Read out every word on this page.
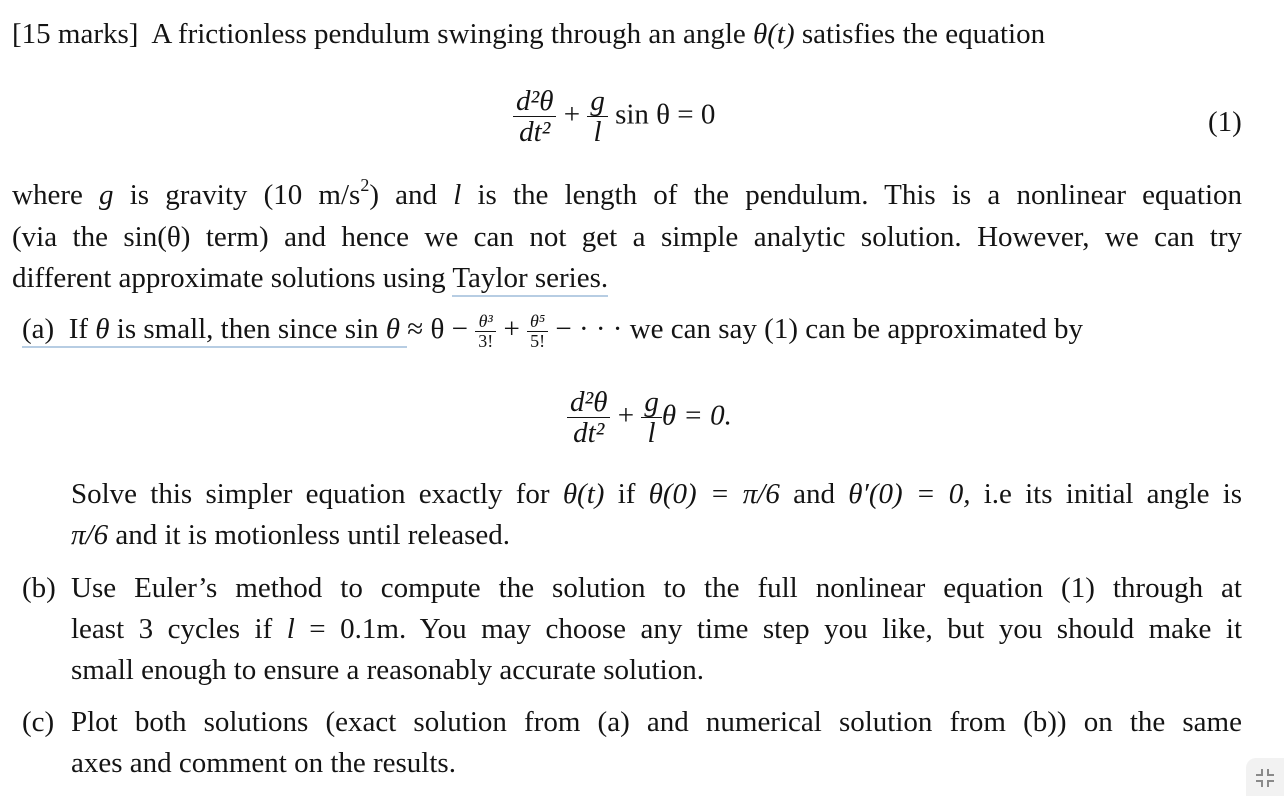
[15 marks] A frictionless pendulum swinging through an angle θ(t) satisfies the equation
$\frac{\text{d²θ}}{\text{dt²}} + \frac{g}{l}$ sin θ = 0	(1)
where g is gravity (10 $m/s^2$) and l is the length of the pendulum. This is a nonlinear equation
(via the sin(θ) term) and hence we can not get a simple analytic solution. However, we can try
different approximate solutions using Taylor series.
(a) If θ is small, then since $\sin \theta \approx \theta - \frac{\text{θ³}}{3!} + \frac{\text{θ⁵}}{5!}$ − · · · we can say (1) can be approximated by
$\frac{\text{d²θ}}{\text{dt²}} + \frac{g}{l}$ θ = 0.
Solve this simpler equation exactly for θ(t) if θ(0) = π/6 and θ′(0) = 0, i.e its initial angle is
π/6 and it is motionless until released.
(b) Use Euler’s method to compute the solution to the full nonlinear equation (1) through at
least 3 cycles if l = 0.1m. You may choose any time step you like, but you should make it
small enough to ensure a reasonably accurate solution.
(c) Plot both solutions (exact solution from (a) and numerical solution from (b)) on the same
axes and comment on the results.
